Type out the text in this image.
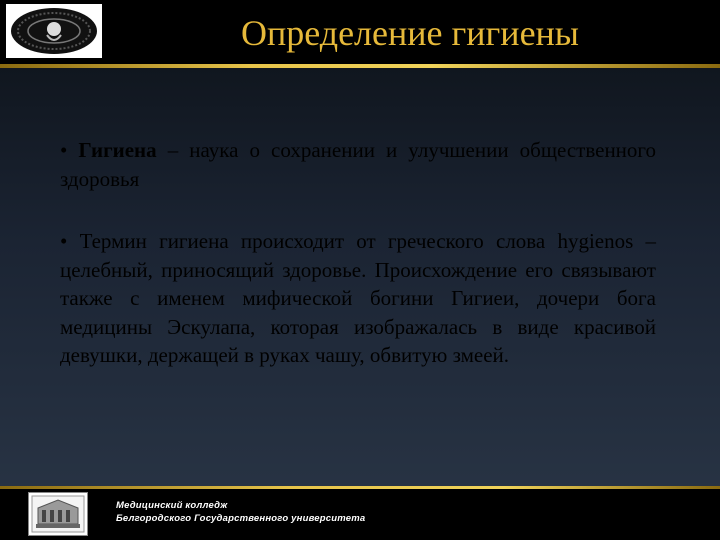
Определение гигиены

• Гигиена – наука о сохранении и улучшении общественного здоровья

• Термин гигиена происходит от греческого слова hygienos – целебный, приносящий здоровье. Происхождение его связывают также с именем мифической богини Гигиеи, дочери бога медицины Эскулапа, которая изображалась в виде красивой девушки, держащей в руках чашу, обвитую змеей.

Медицинский колледж
Белгородского Государственного университета
